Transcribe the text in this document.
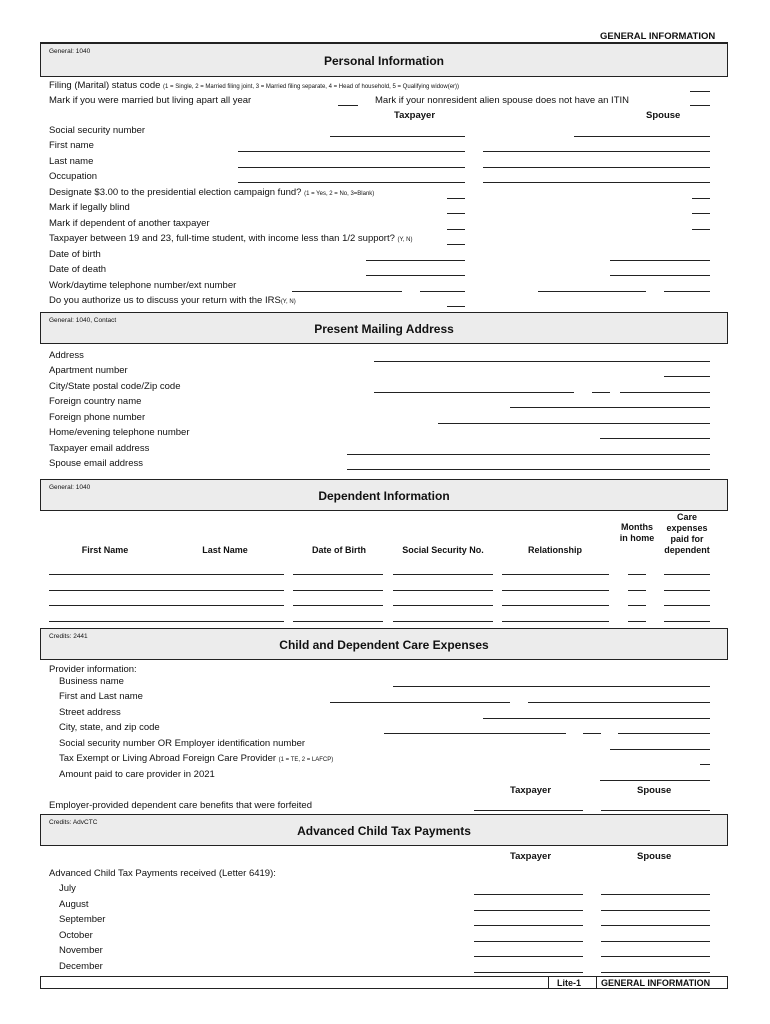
GENERAL INFORMATION
General: 1040
Personal Information
Filing (Marital) status code (1 = Single, 2 = Married filing joint, 3 = Married filing separate, 4 = Head of household, 5 = Qualifying widow(er))
Mark if you were married but living apart all year	Mark if your nonresident alien spouse does not have an ITIN
Taxpayer	Spouse
Social security number
First name
Last name
Occupation
Designate $3.00 to the presidential election campaign fund? (1 = Yes, 2 = No, 3=Blank)
Mark if legally blind
Mark if dependent of another taxpayer
Taxpayer between 19 and 23, full-time student, with income less than 1/2 support? (Y, N)
Date of birth
Date of death
Work/daytime telephone number/ext number
Do you authorize us to discuss your return with the IRS(Y, N)
General: 1040, Contact
Present Mailing Address
Address
Apartment number
City/State postal code/Zip code
Foreign country name
Foreign phone number
Home/evening telephone number
Taxpayer email address
Spouse email address
General: 1040
Dependent Information
First Name	Last Name	Date of Birth	Social Security No.	Relationship
Months in home
Care expenses paid for dependent
Credits: 2441
Child and Dependent Care Expenses
Provider information:
Business name
First and Last name
Street address
City, state, and zip code
Social security number OR Employer identification number
Tax Exempt or Living Abroad Foreign Care Provider (1 = TE, 2 = LAFCP)
Amount paid to care provider in 2021
Taxpayer	Spouse
Employer-provided dependent care benefits that were forfeited
Credits: AdvCTC
Advanced Child Tax Payments
Taxpayer	Spouse
Advanced Child Tax Payments received (Letter 6419):
July
August
September
October
November
December
Lite-1 GENERAL INFORMATION
